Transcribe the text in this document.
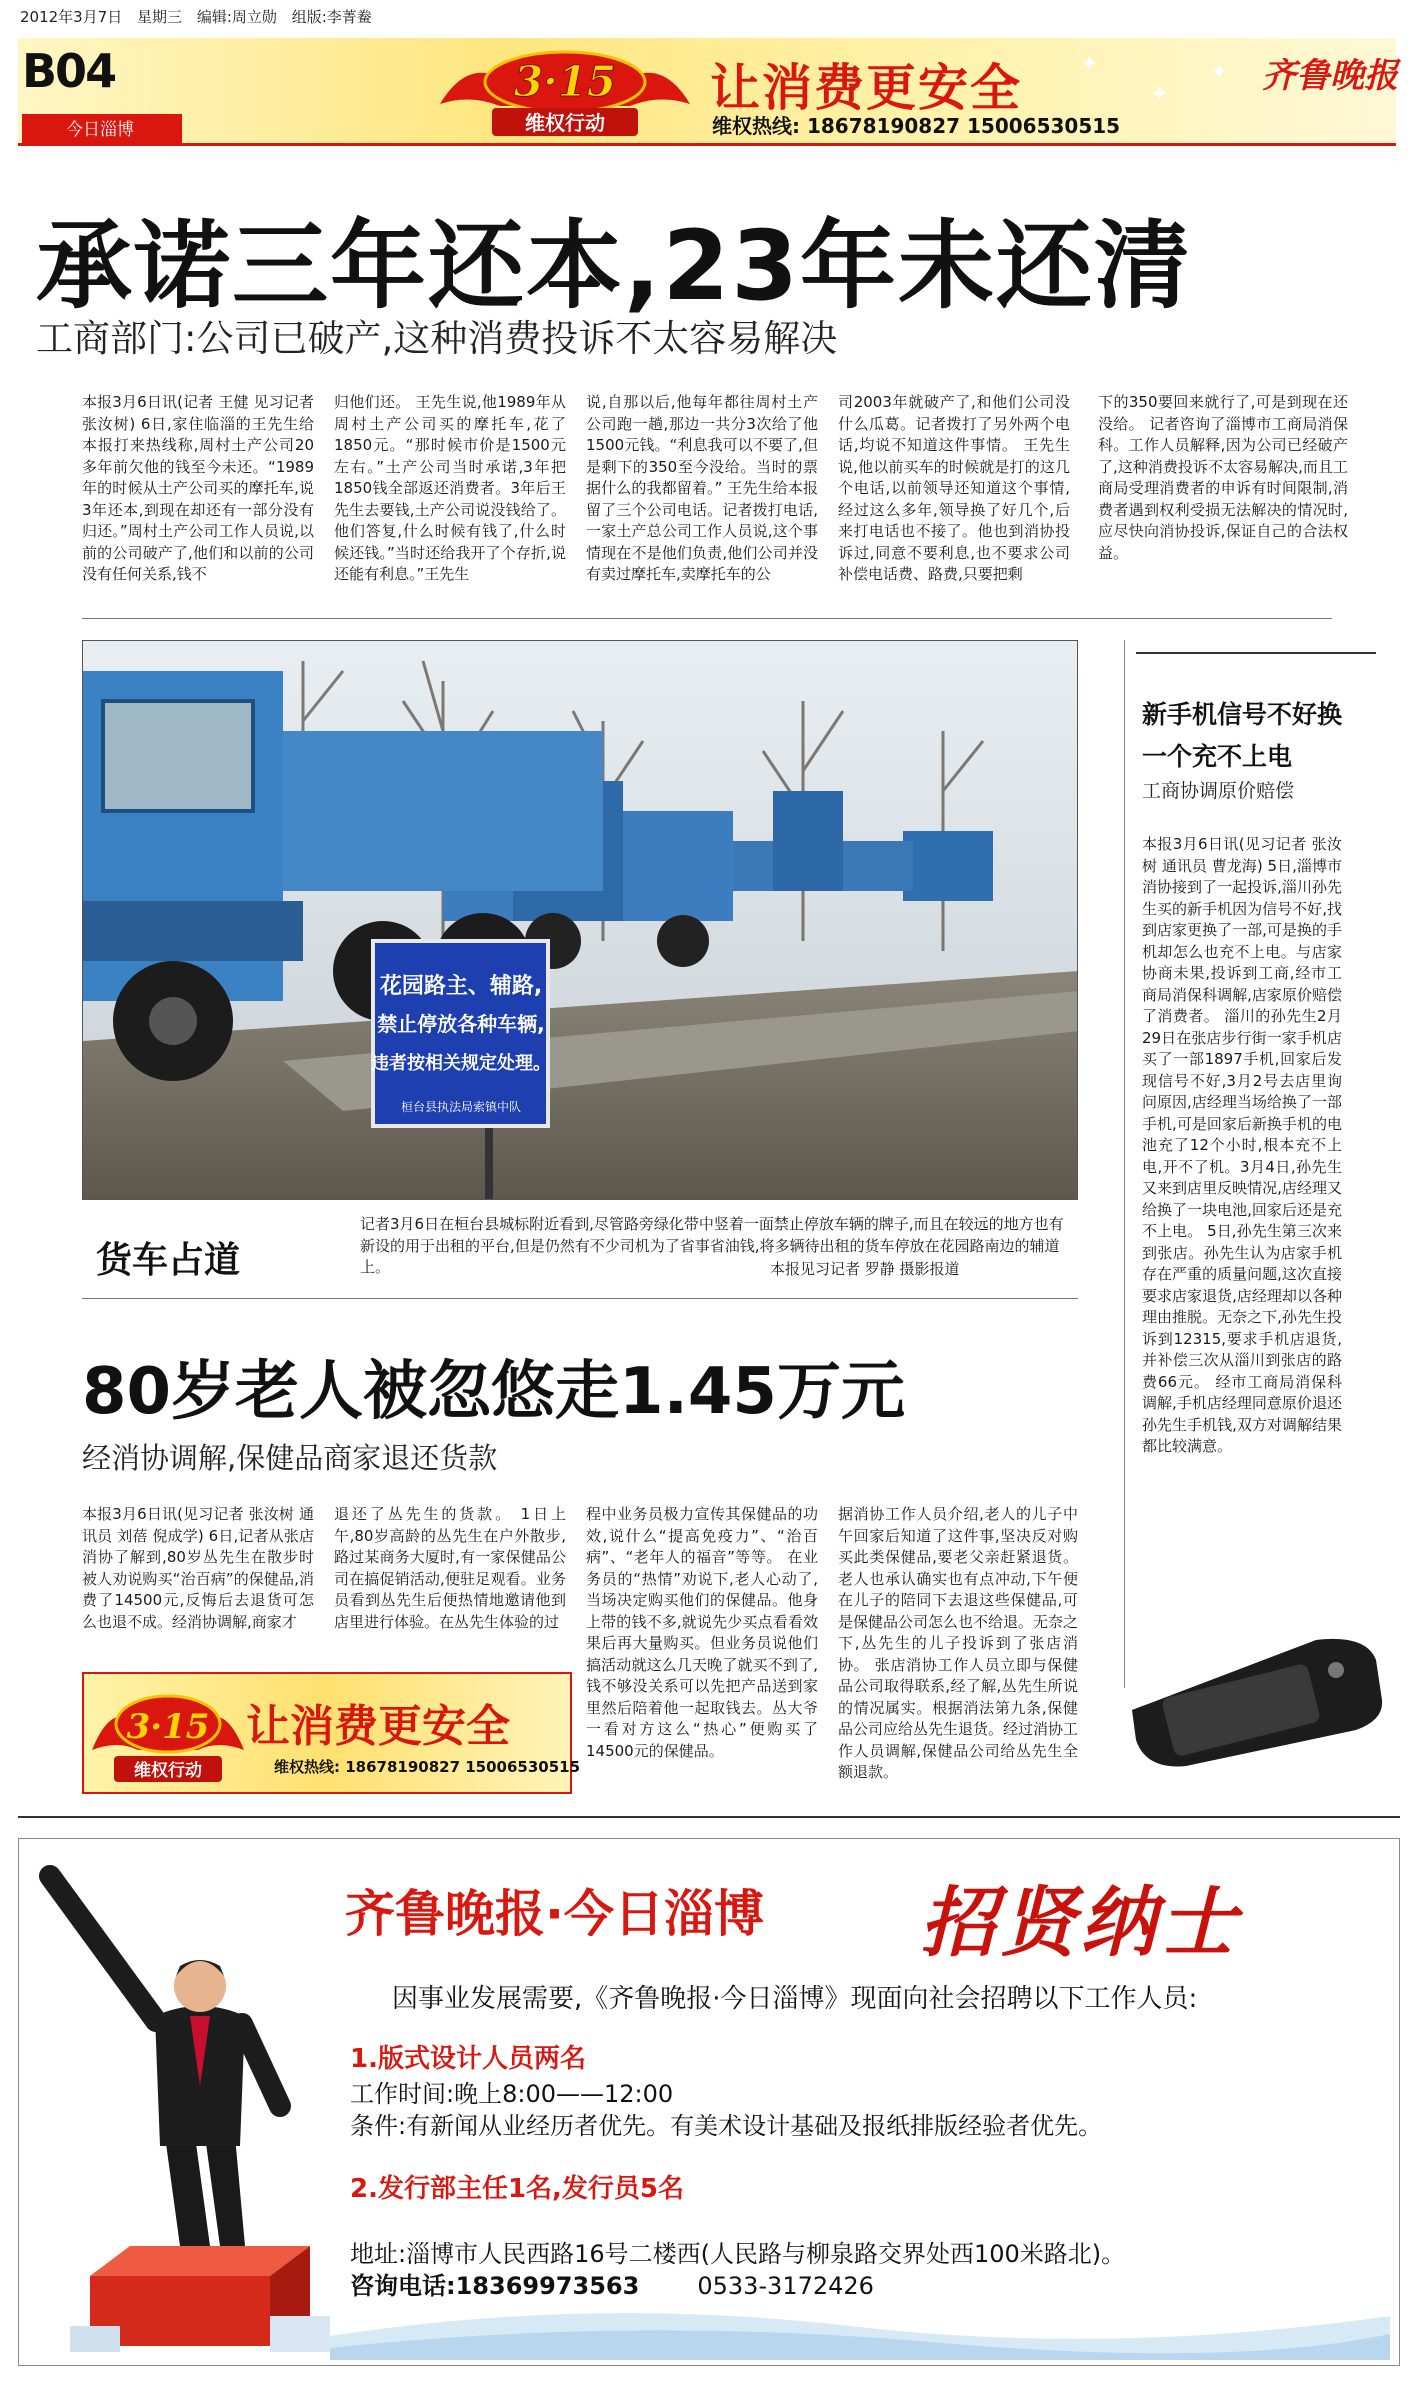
2012年3月7日 星期三 编辑:周立勋 组版:李菁鲞
B04
今日淄博
3·15
维权行动
让消费更安全
维权热线: 18678190827 15006530515
齐鲁晚报
✦
✦
✦
承诺三年还本,23年未还清
工商部门:公司已破产,这种消费投诉不太容易解决
本报3月6日讯(记者 王健 见习记者 张汝树) 6日,家住临淄的王先生给本报打来热线称,周村土产公司20多年前欠他的钱至今未还。“1989年的时候从土产公司买的摩托车,说3年还本,到现在却还有一部分没有归还。”周村土产公司工作人员说,以前的公司破产了,他们和以前的公司没有任何关系,钱不
归他们还。 王先生说,他1989年从周村土产公司买的摩托车,花了1850元。“那时候市价是1500元左右。”土产公司当时承诺,3年把1850钱全部返还消费者。3年后王先生去要钱,土产公司说没钱给了。他们答复,什么时候有钱了,什么时候还钱。”当时还给我开了个存折,说还能有利息。”王先生
说,自那以后,他每年都往周村土产公司跑一趟,那边一共分3次给了他1500元钱。“利息我可以不要了,但是剩下的350至今没给。当时的票据什么的我都留着。” 王先生给本报留了三个公司电话。记者拨打电话,一家土产总公司工作人员说,这个事情现在不是他们负责,他们公司并没有卖过摩托车,卖摩托车的公
司2003年就破产了,和他们公司没什么瓜葛。记者拨打了另外两个电话,均说不知道这件事情。 王先生说,他以前买车的时候就是打的这几个电话,以前领导还知道这个事情,经过这么多年,领导换了好几个,后来打电话也不接了。他也到消协投诉过,同意不要利息,也不要求公司补偿电话费、路费,只要把剩
下的350要回来就行了,可是到现在还没给。 记者咨询了淄博市工商局消保科。工作人员解释,因为公司已经破产了,这种消费投诉不太容易解决,而且工商局受理消费者的申诉有时间限制,消费者遇到权利受损无法解决的情况时,应尽快向消协投诉,保证自己的合法权益。
花园路主、辅路,
禁止停放各种车辆,
违者按相关规定处理。
桓台县执法局索镇中队
货车占道
记者3月6日在桓台县城标附近看到,尽管路旁绿化带中竖着一面禁止停放车辆的牌子,而且在较远的地方也有新设的用于出租的平台,但是仍然有不少司机为了省事省油钱,将多辆待出租的货车停放在花园路南边的辅道上。	本报见习记者 罗静 摄影报道
新手机信号不好换一个充不上电
工商协调原价赔偿
本报3月6日讯(见习记者 张汝树 通讯员 曹龙海) 5日,淄博市消协接到了一起投诉,淄川孙先生买的新手机因为信号不好,找到店家更换了一部,可是换的手机却怎么也充不上电。与店家协商未果,投诉到工商,经市工商局消保科调解,店家原价赔偿了消费者。 淄川的孙先生2月29日在张店步行街一家手机店买了一部1897手机,回家后发现信号不好,3月2号去店里询问原因,店经理当场给换了一部手机,可是回家后新换手机的电池充了12个小时,根本充不上电,开不了机。3月4日,孙先生又来到店里反映情况,店经理又给换了一块电池,回家后还是充不上电。 5日,孙先生第三次来到张店。孙先生认为店家手机存在严重的质量问题,这次直接要求店家退货,店经理却以各种理由推脱。无奈之下,孙先生投诉到12315,要求手机店退货,并补偿三次从淄川到张店的路费66元。 经市工商局消保科调解,手机店经理同意原价退还孙先生手机钱,双方对调解结果都比较满意。
80岁老人被忽悠走1.45万元
经消协调解,保健品商家退还货款
本报3月6日讯(见习记者 张汝树 通讯员 刘蓓 倪成学) 6日,记者从张店消协了解到,80岁丛先生在散步时被人劝说购买“治百病”的保健品,消费了14500元,反悔后去退货可怎么也退不成。经消协调解,商家才
退还了丛先生的货款。 1日上午,80岁高龄的丛先生在户外散步,路过某商务大厦时,有一家保健品公司在搞促销活动,便驻足观看。业务员看到丛先生后便热情地邀请他到店里进行体验。在丛先生体验的过
程中业务员极力宣传其保健品的功效,说什么“提高免疫力”、“治百病”、“老年人的福音”等等。 在业务员的“热情”劝说下,老人心动了,当场决定购买他们的保健品。他身上带的钱不多,就说先少买点看看效果后再大量购买。但业务员说他们搞活动就这么几天晚了就买不到了,钱不够没关系可以先把产品送到家里然后陪着他一起取钱去。丛大爷一看对方这么“热心”便购买了14500元的保健品。
据消协工作人员介绍,老人的儿子中午回家后知道了这件事,坚决反对购买此类保健品,要老父亲赶紧退货。老人也承认确实也有点冲动,下午便在儿子的陪同下去退这些保健品,可是保健品公司怎么也不给退。无奈之下,丛先生的儿子投诉到了张店消协。 张店消协工作人员立即与保健品公司取得联系,经了解,丛先生所说的情况属实。根据消法第九条,保健品公司应给丛先生退货。经过消协工作人员调解,保健品公司给丛先生全额退款。
3·15
维权行动
让消费更安全
维权热线: 18678190827 15006530515
齐鲁晚报·今日淄博 招贤纳士
因事业发展需要,《齐鲁晚报·今日淄博》现面向社会招聘以下工作人员:
1.版式设计人员两名
工作时间:晚上8:00——12:00
条件:有新闻从业经历者优先。有美术设计基础及报纸排版经验者优先。
2.发行部主任1名,发行员5名
地址:淄博市人民西路16号二楼西(人民路与柳泉路交界处西100米路北)。
咨询电话:18369973563 0533-3172426
